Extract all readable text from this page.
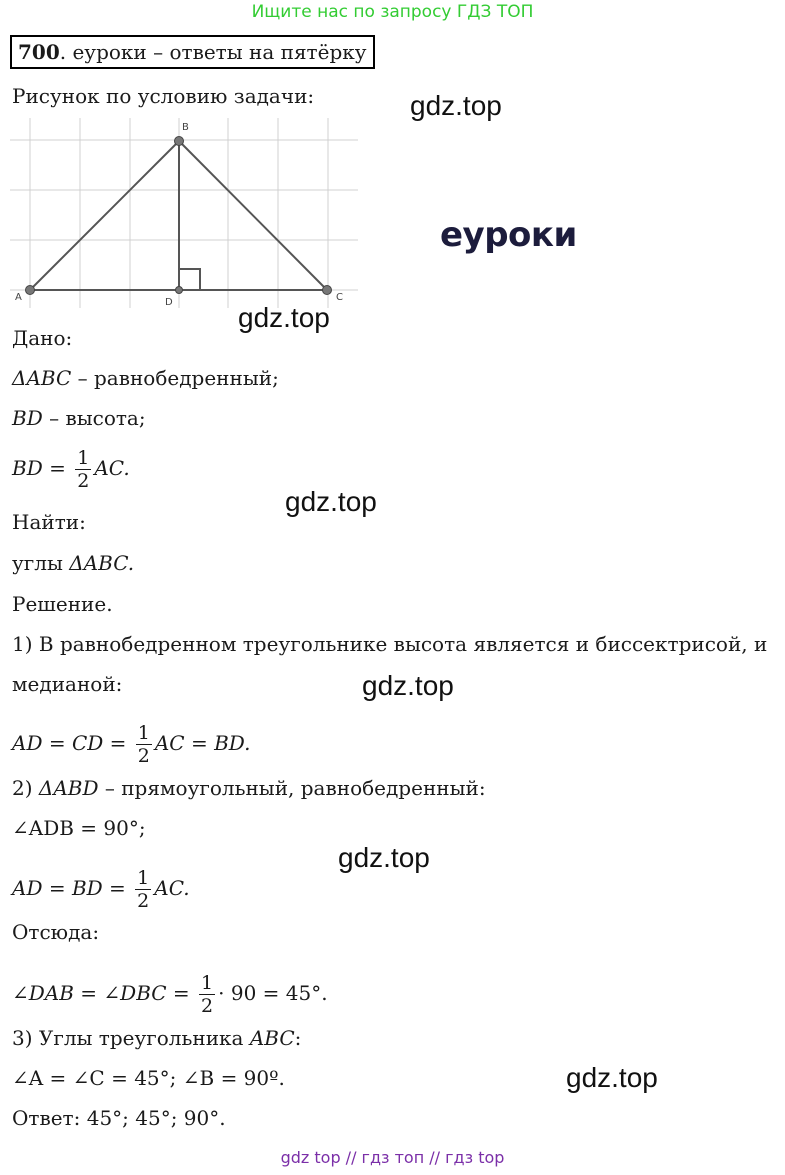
Ищите нас по запросу ГДЗ ТОП
700. еуроки – ответы на пятёрку
Рисунок по условию задачи:	gdz.top
еуроки
A
B
C
D gdz.top
Дано:
ΔABC – равнобедренный;
BD – высота;
BD = $\frac{1}{2}$ AC.
gdz.top
Найти:
углы ΔABC.
Решение.
1) В равнобедренном треугольнике высота является и биссектрисой, и
медианой:	gdz.top
AD = CD = $\frac{1}{2}$ AC = BD.
2) ΔABD – прямоугольный, равнобедренный:
∠ADB = 90°;
gdz.top
AD = BD = $\frac{1}{2}$ AC.
Отсюда:
∠DAB = ∠DBC = $\frac{1}{2} \cdot 90 = 45^\circ$.
3) Углы треугольника ABC:
∠A = ∠C = 45°; ∠B = 90º.	gdz.top
Ответ: 45°; 45°; 90°.
gdz top // гдз топ // гдз top
